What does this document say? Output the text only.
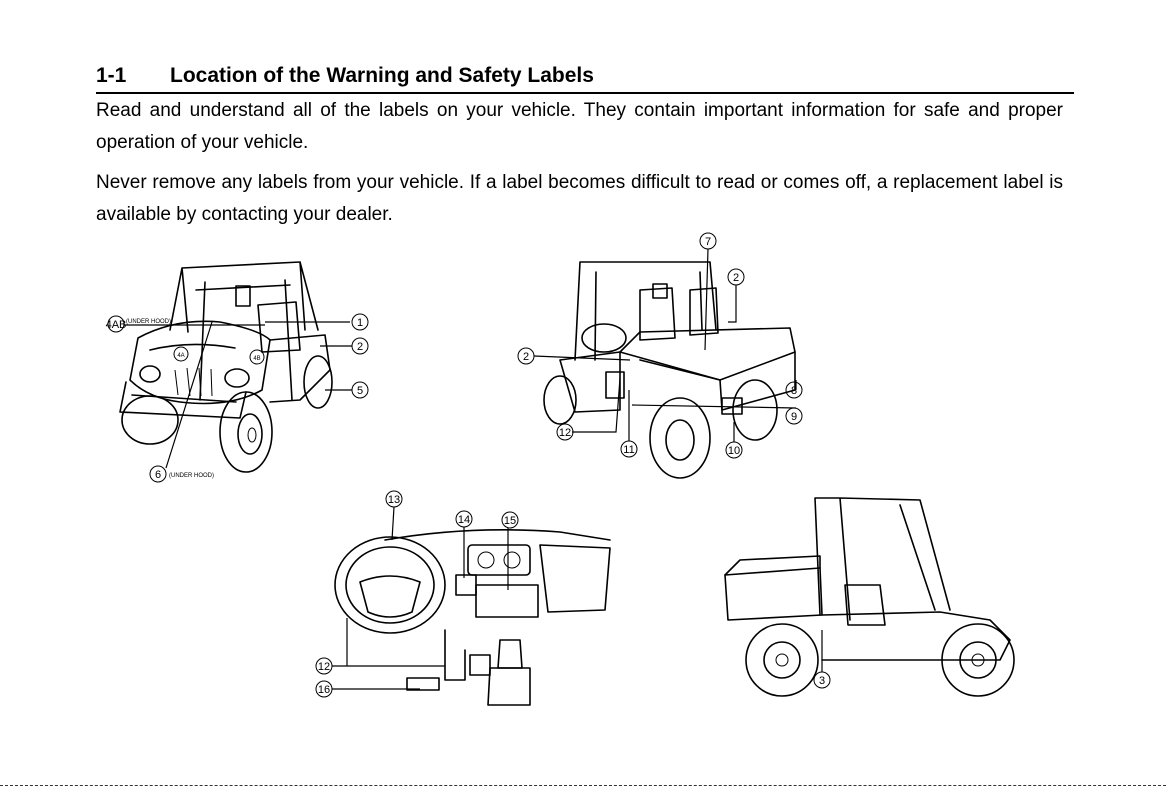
1-1 Location of the Warning and Safety Labels

Read and understand all of the labels on your vehicle. They contain important information for safe and proper operation of your vehicle.

Never remove any labels from your vehicle. If a label becomes difficult to read or comes off, a replacement label is available by contacting your dealer.

4AB (UNDER HOOD)	1
2
5
4A	4B
6 (UNDER HOOD)
7
2
2
8
9
12
11	10
13
14	15
12
16
3
